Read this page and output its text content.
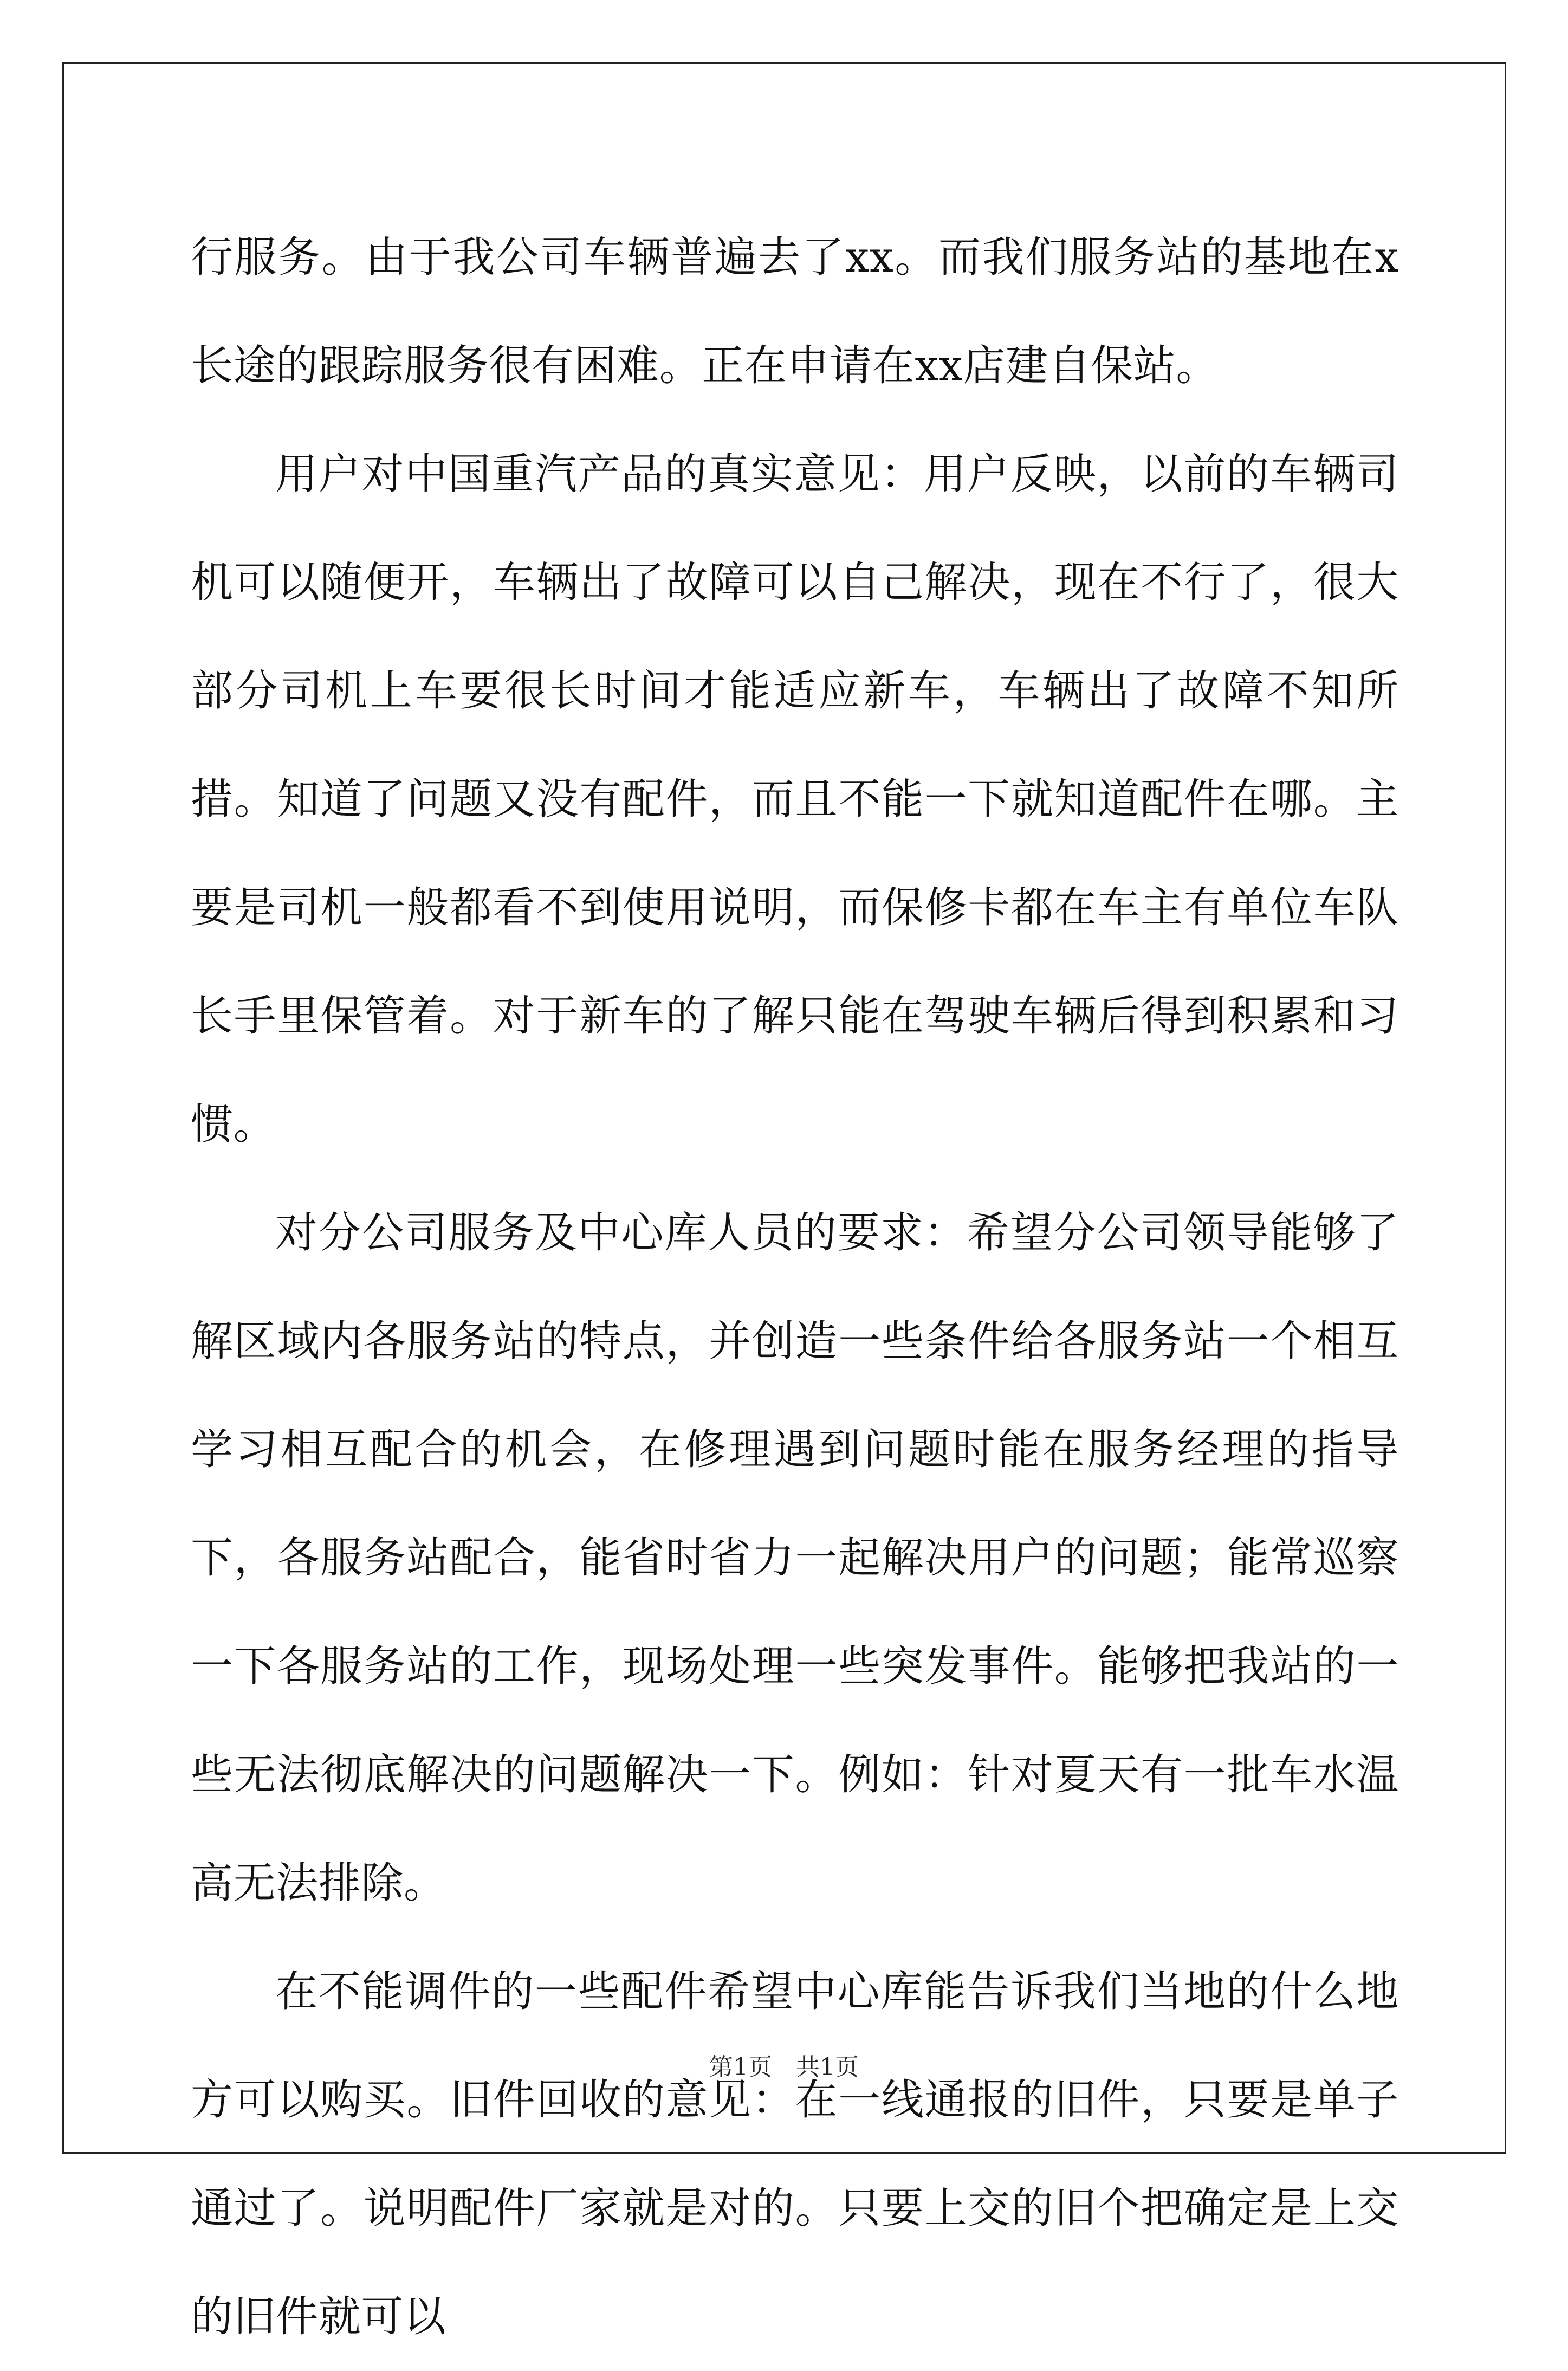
行服务。由于我公司车辆普遍去了xx。而我们服务站的基地在x长途的跟踪服务很有困难。正在申请在xx店建自保站。

用户对中国重汽产品的真实意见：用户反映，以前的车辆司机可以随便开，车辆出了故障可以自己解决，现在不行了，很大部分司机上车要很长时间才能适应新车，车辆出了故障不知所措。知道了问题又没有配件，而且不能一下就知道配件在哪。主要是司机一般都看不到使用说明，而保修卡都在车主有单位车队长手里保管着。对于新车的了解只能在驾驶车辆后得到积累和习惯。

对分公司服务及中心库人员的要求：希望分公司领导能够了解区域内各服务站的特点，并创造一些条件给各服务站一个相互学习相互配合的机会，在修理遇到问题时能在服务经理的指导下，各服务站配合，能省时省力一起解决用户的问题；能常巡察一下各服务站的工作，现场处理一些突发事件。能够把我站的一些无法彻底解决的问题解决一下。例如：针对夏天有一批车水温高无法排除。

在不能调件的一些配件希望中心库能告诉我们当地的什么地方可以购买。旧件回收的意见：在一线通报的旧件，只要是单子通过了。说明配件厂家就是对的。只要上交的旧个把确定是上交的旧件就可以

第1页　共1页
